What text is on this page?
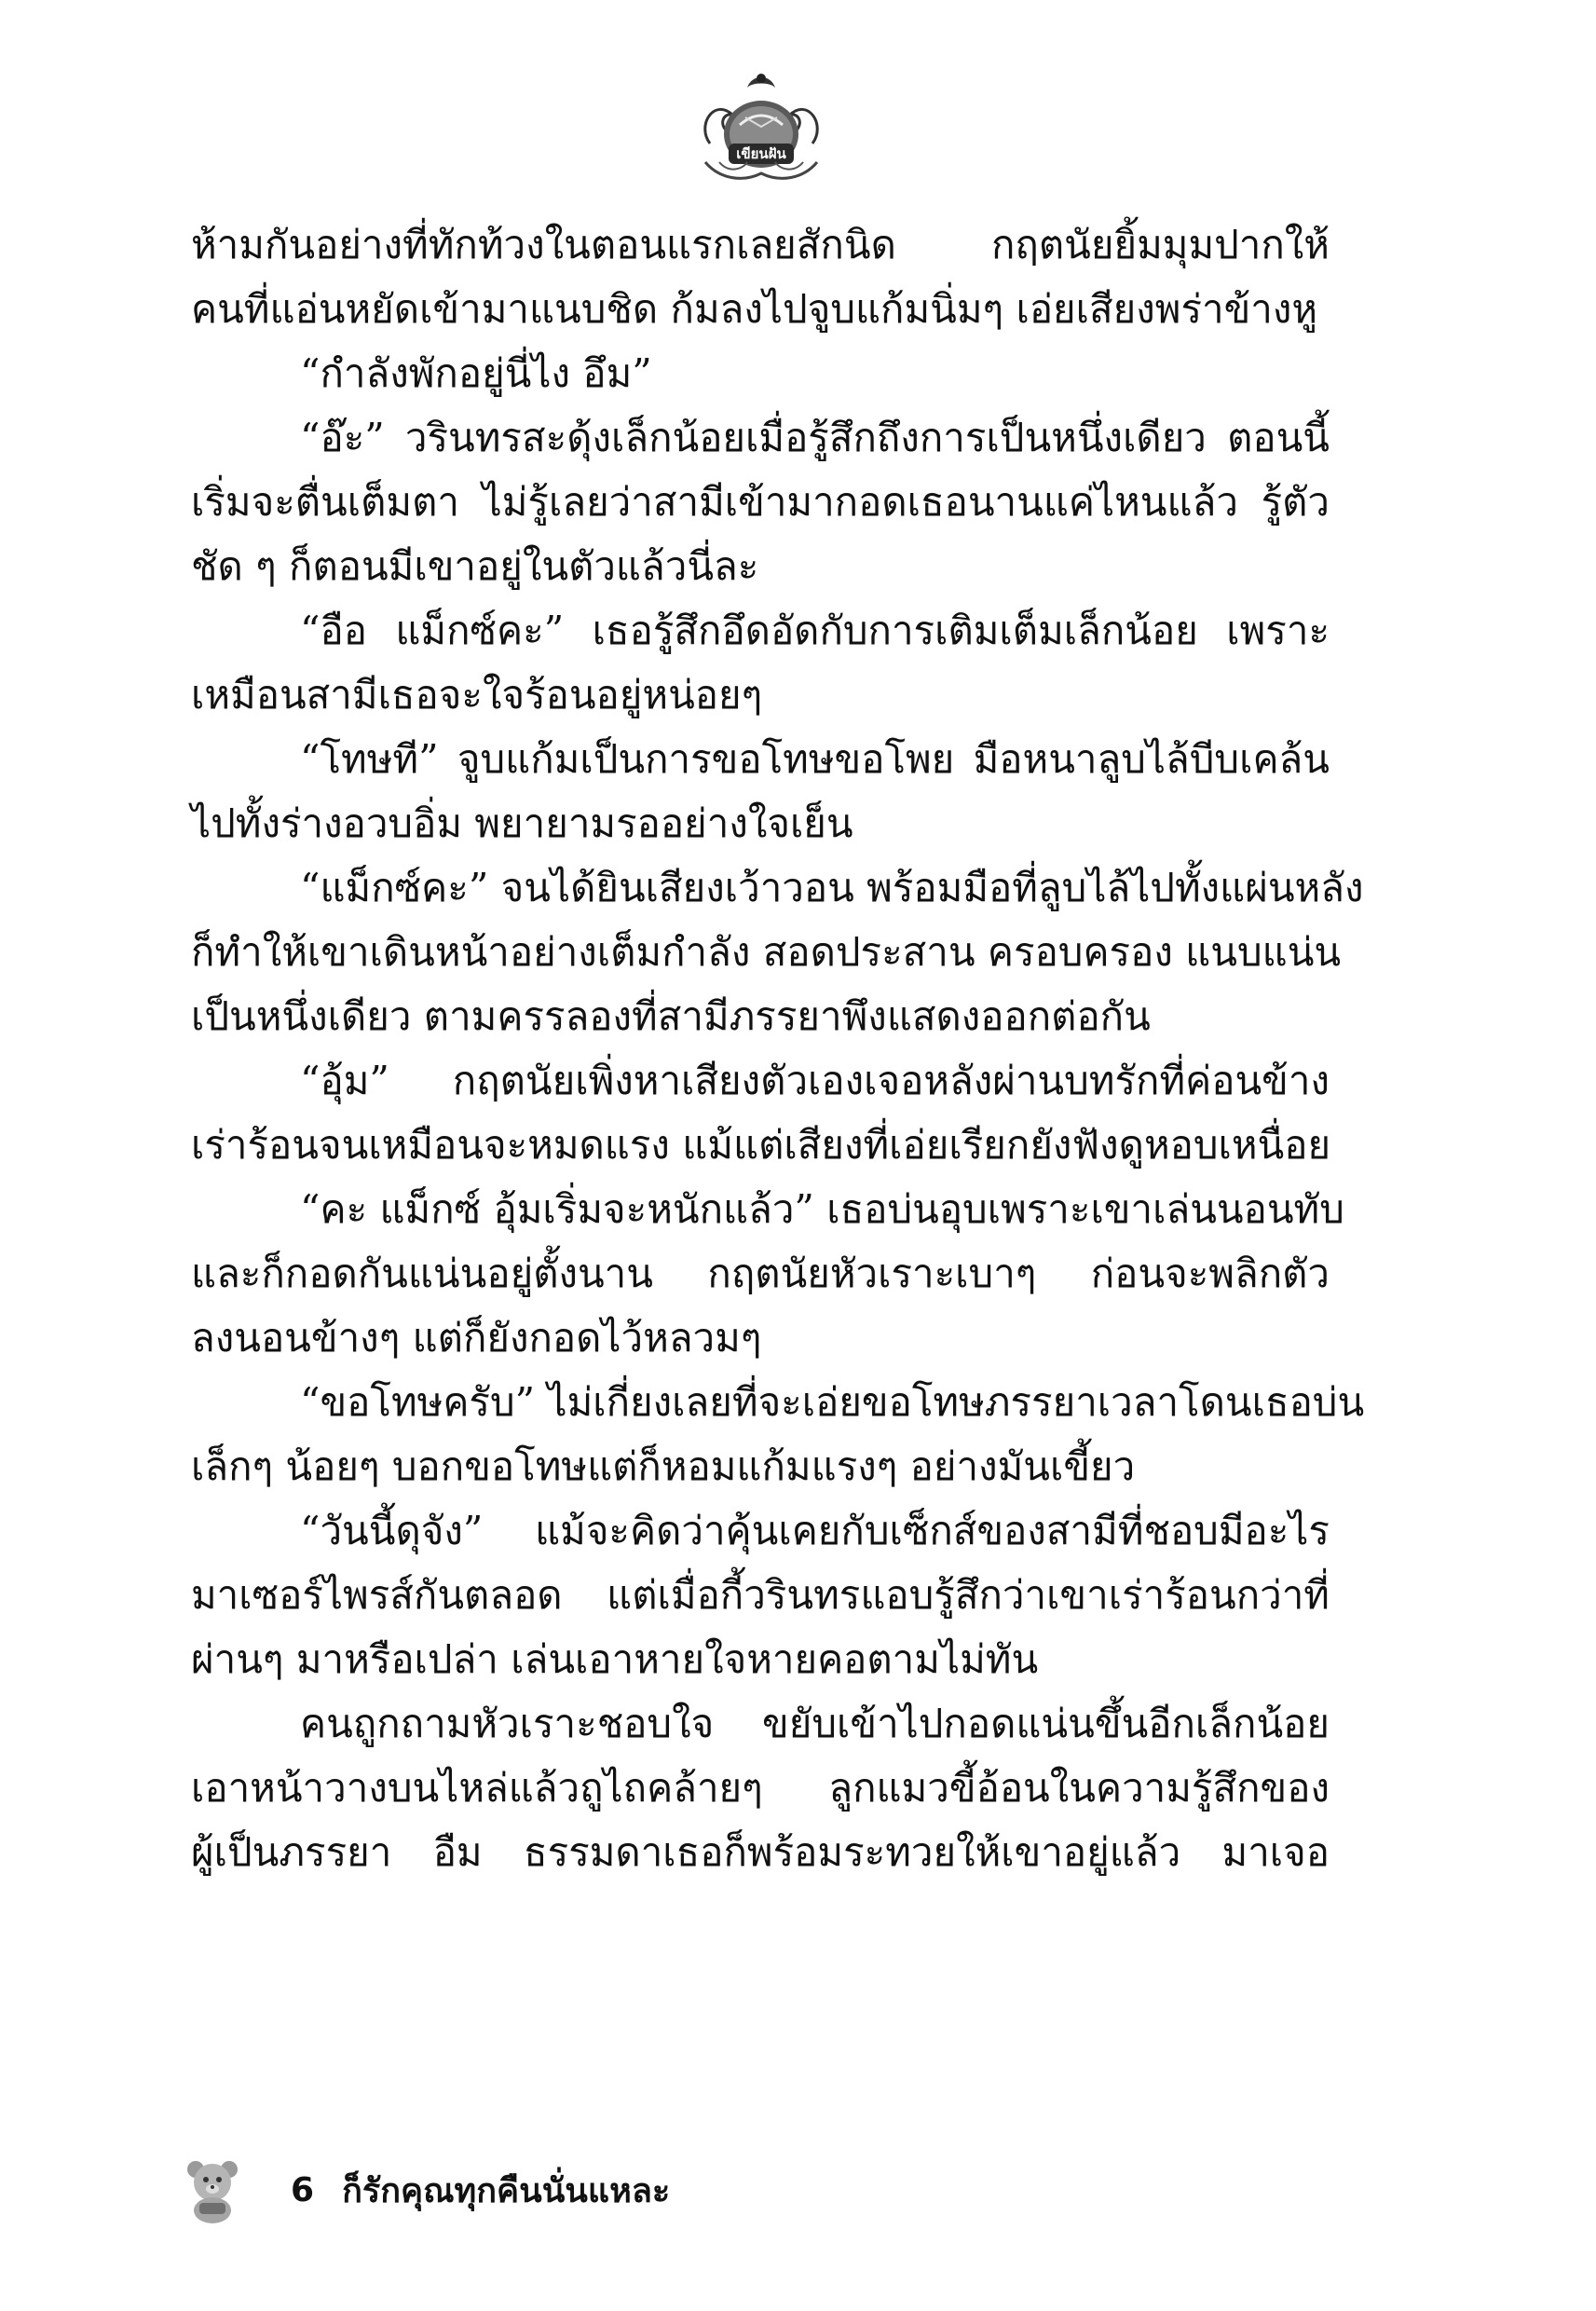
เขียนฝัน
ห้ามกันอย่างที่ทักท้วงในตอนแรกเลยสักนิด กฤตนัยยิ้มมุมปากให้
คนที่แอ่นหยัดเข้ามาแนบชิด ก้มลงไปจูบแก้มนิ่มๆ เอ่ยเสียงพร่าข้างหู
“กำลังพักอยู่นี่ไง อึม”
“อ๊ะ” วรินทรสะดุ้งเล็กน้อยเมื่อรู้สึกถึงการเป็นหนึ่งเดียว ตอนนี้
เริ่มจะตื่นเต็มตา ไม่รู้เลยว่าสามีเข้ามากอดเธอนานแค่ไหนแล้ว รู้ตัว
ชัด ๆ ก็ตอนมีเขาอยู่ในตัวแล้วนี่ละ
“อือ แม็กซ์คะ” เธอรู้สึกอึดอัดกับการเติมเต็มเล็กน้อย เพราะ
เหมือนสามีเธอจะใจร้อนอยู่หน่อยๆ
“โทษที” จูบแก้มเป็นการขอโทษขอโพย มือหนาลูบไล้บีบเคล้น
ไปทั้งร่างอวบอิ่ม พยายามรออย่างใจเย็น
“แม็กซ์คะ” จนได้ยินเสียงเว้าวอน พร้อมมือที่ลูบไล้ไปทั้งแผ่นหลัง
ก็ทำให้เขาเดินหน้าอย่างเต็มกำลัง สอดประสาน ครอบครอง แนบแน่น
เป็นหนึ่งเดียว ตามครรลองที่สามีภรรยาพึงแสดงออกต่อกัน
“อุ้ม” กฤตนัยเพิ่งหาเสียงตัวเองเจอหลังผ่านบทรักที่ค่อนข้าง
เร่าร้อนจนเหมือนจะหมดแรง แม้แต่เสียงที่เอ่ยเรียกยังฟังดูหอบเหนื่อย
“คะ แม็กซ์ อุ้มเริ่มจะหนักแล้ว” เธอบ่นอุบเพราะเขาเล่นนอนทับ
และก็กอดกันแน่นอยู่ตั้งนาน กฤตนัยหัวเราะเบาๆ ก่อนจะพลิกตัว
ลงนอนข้างๆ แต่ก็ยังกอดไว้หลวมๆ
“ขอโทษครับ” ไม่เกี่ยงเลยที่จะเอ่ยขอโทษภรรยาเวลาโดนเธอบ่น
เล็กๆ น้อยๆ บอกขอโทษแต่ก็หอมแก้มแรงๆ อย่างมันเขี้ยว
“วันนี้ดุจัง” แม้จะคิดว่าคุ้นเคยกับเซ็กส์ของสามีที่ชอบมีอะไร
มาเซอร์ไพรส์กันตลอด แต่เมื่อกี้วรินทรแอบรู้สึกว่าเขาเร่าร้อนกว่าที่
ผ่านๆ มาหรือเปล่า เล่นเอาหายใจหายคอตามไม่ทัน
คนถูกถามหัวเราะชอบใจ ขยับเข้าไปกอดแน่นขึ้นอีกเล็กน้อย
เอาหน้าวางบนไหล่แล้วถูไถคล้ายๆ ลูกแมวขี้อ้อนในความรู้สึกของ
ผู้เป็นภรรยา อืม ธรรมดาเธอก็พร้อมระทวยให้เขาอยู่แล้ว มาเจอ
6 ก็รักคุณทุกคืนนั่นแหละ
